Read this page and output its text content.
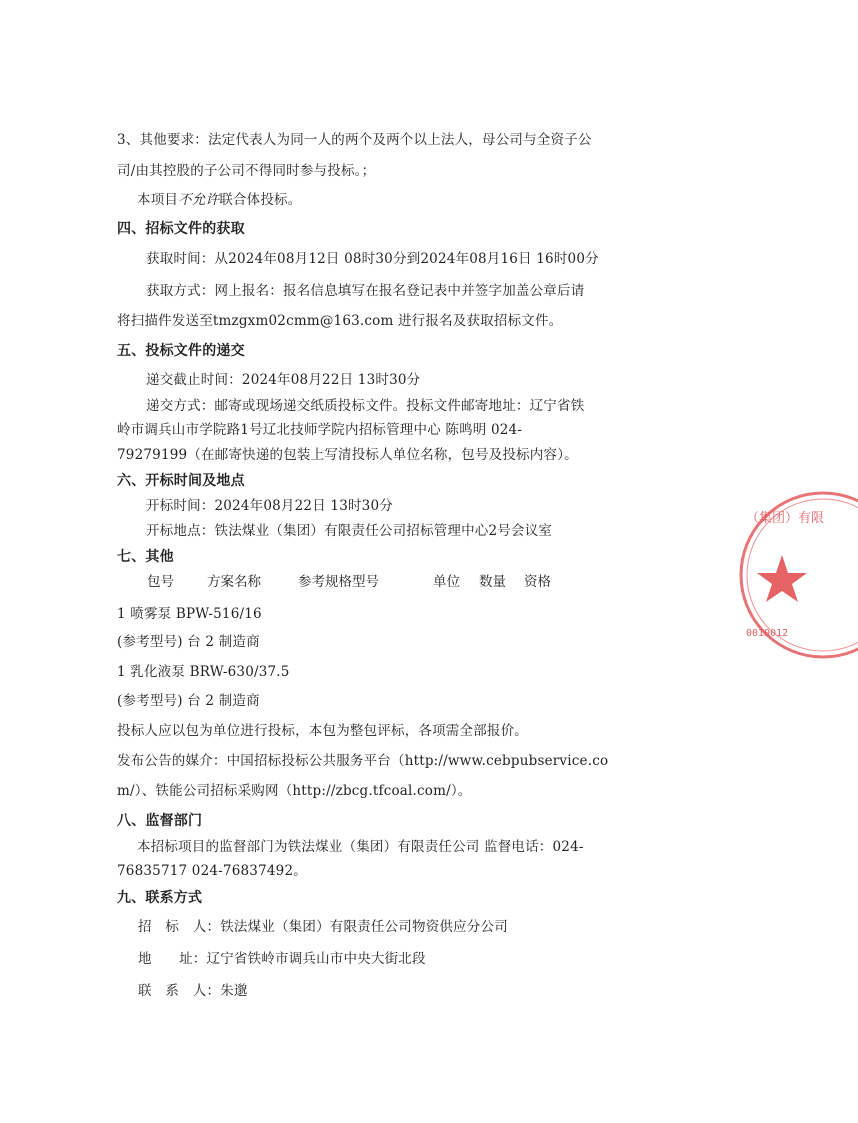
3、其他要求：法定代表人为同一人的两个及两个以上法人，母公司与全资子公
司/由其控股的子公司不得同时参与投标。；
本项目不允许联合体投标。
四、招标文件的获取
获取时间：从2024年08月12日 08时30分到2024年08月16日 16时00分
获取方式：网上报名：报名信息填写在报名登记表中并签字加盖公章后请
将扫描件发送至tmzgxm02cmm@163.com 进行报名及获取招标文件。
五、投标文件的递交
递交截止时间：2024年08月22日 13时30分
递交方式：邮寄或现场递交纸质投标文件。投标文件邮寄地址：辽宁省铁
岭市调兵山市学院路1号辽北技师学院内招标管理中心 陈鸣明 024-
79279199（在邮寄快递的包装上写清投标人单位名称，包号及投标内容）。
六、开标时间及地点
开标时间：2024年08月22日 13时30分
开标地点：铁法煤业（集团）有限责任公司招标管理中心2号会议室
七、其他
包号 方案名称	参考规格型号	单位 数量 资格
1 喷雾泵 BPW-516/16
(参考型号) 台 2 制造商
1 乳化液泵 BRW-630/37.5
(参考型号) 台 2 制造商
投标人应以包为单位进行投标，本包为整包评标，各项需全部报价。
发布公告的媒介：中国招标投标公共服务平台（http://www.cebpubservice.co
m/）、铁能公司招标采购网（http://zbcg.tfcoal.com/）。
八、监督部门
本招标项目的监督部门为铁法煤业（集团）有限责任公司 监督电话：024-
76835717 024-76837492。
九、联系方式
招　标　人：铁法煤业（集团）有限责任公司物资供应分公司
地　　址：辽宁省铁岭市调兵山市中央大街北段
联　系　人：朱邈
（集团）有限
0010012
